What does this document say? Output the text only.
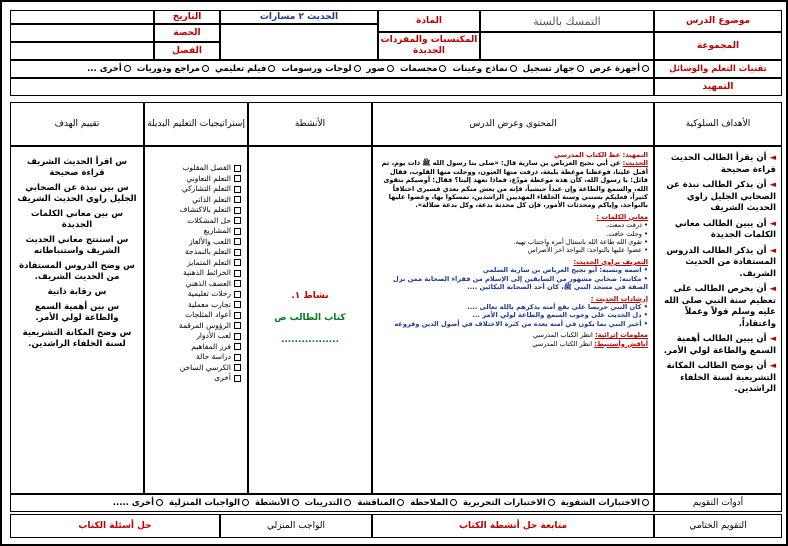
موضوع الدرس
التمسك بالسنة
المادة
الحديث ٢ مسارات
التاريخ
المجموعة
المكتسبات والمفردات الجديدة
الحصة
الفصل
تقنيات التعلم والوسائل
أجهزة عرض
جهاز تسجيل
نماذج وعينات
مجسمات
صور
لوحات ورسومات
فيلم تعليمي
مراجع ودوريات
أخرى ...
التمهيد
الأهداف السلوكية
المحتوى وعرض الدرس
الأنشطة
إستراتيجيات التعليم البديلة
تقييم الهدف
◄ أن يقرأ الطالب الحديث قراءة صحيحة
◄ أن يذكر الطالب نبذة عن الصحابي الجليل راوي الحديث الشريف
◄ أن يبين الطالب معاني الكلمات الجديدة
◄ أن يذكر الطالب الدروس المستفادة من الحديث الشريف.
◄ أن يحرص الطالب على تعظيم سنة النبي صلى الله عليه وسلم قولاً وعملاً واعتقاداً.
◄ أن يبين الطالب أهمية السمع والطاعة لولي الأمر.
◄ أن يوضح الطالب المكانة التشريعية لسنة الخلفاء الراشدين.

التمهيد: عظ الكتاب المدرسي

الحديث: عن أبي نجيح العرباض بن سارية قال: «صلى بنا رسول الله ﷺ ذات يوم، ثم أقبل علينا، فوعظنا موعظة بليغة، ذرفت منها العيون، ووجلت منها القلوب، فقال قائل: يا رسول الله، كأن هذه موعظة مودّع، فماذا تعهد إلينا؟ فقال: أوصيكم بتقوى الله، والسمع والطاعة وإن عبداً حبشياً، فإنه من يعش منكم بعدي فسيرى اختلافاً كثيراً، فعليكم بسنتي وسنة الخلفاء المهديين الراشدين، تمسكوا بها، وعضوا عليها بالنواجذ، وإياكم ومحدثات الأمور، فإن كل محدثة بدعة، وكل بدعة ضلالة».

معاني الكلمات :

• ذرفت دمعت.

• وجلت خافت.

• تقوى الله طاعة الله باستثال أمره واجتناب نهيه.

• عضوا عليها بالنواجذ: النواجذ آخر الأضراس

التعريف براوي الحديث:

• اسمه ونسبه: أبو نجيح العرباض بن سارية السلمي

• مكانته: صحابي مشهور من السابقين إلى الإسلام من فقراء الصحابة ممن نزل الصفة في مسجد النبي ﷺ، كان أحد الصحابة البكائين ....

إرشادات الحديث :

• كان النبي حريصا على نفع أمته يذكرهم بالله تعالى ....

• دل الحديث على وجوب السمع والطاعة لولي الأمر ...

• أخبر النبي بما يكون في أمته بعده من كثرة الاختلاف في أصول الدين وفروعه

معلومات إثرائية: انظر الكتاب المدرسي

أناقش وأستنبط: انظر الكتاب المدرسي

نشاط ١.
كتاب الطالب ص
.................
الفصل المقلوب
التعلم التعاوني
التعلم التشاركي
التعلم الذاتي
التعلم بالاكتشاف
حل المشكلات
المشاريع
اللعب والألغاز
التعلم بالنمذجة
التعلم المتمايز
الخرائط الذهنية
العصف الذهني
رحلات تعليمية
تجارب معملية
أعواد المثلجات
الرؤوس المرقمة
لعب الأدوار
فرز المفاهيم
دراسة حالة
الكرسي الساخن
أخرى
س اقرأ الحديث الشريف قراءة صحيحة
س بين نبذة عن الصحابي الجليل راوي الحديث الشريف
س بين معاني الكلمات الجديدة
س استنتج معاني الحديث الشريف واستنباطاته
س وضح الدروس المستفادة من الحديث الشريف.
س رقابة ذاتية
س بين أهمية السمع والطاعة لولي الأمر.
س وضح المكانة التشريعية لسنة الخلفاء الراشدين.
أدوات التقويم
الاختبارات الشفوية
الاختبارات التحريرية
الملاحظة
المناقشة
التدريبات
الأنشطة
الواجبات المنزلية
أخرى .....
التقويم الختامي
متابعة حل أنشطة الكتاب
الواجب المنزلي
حل أسئلة الكتاب
